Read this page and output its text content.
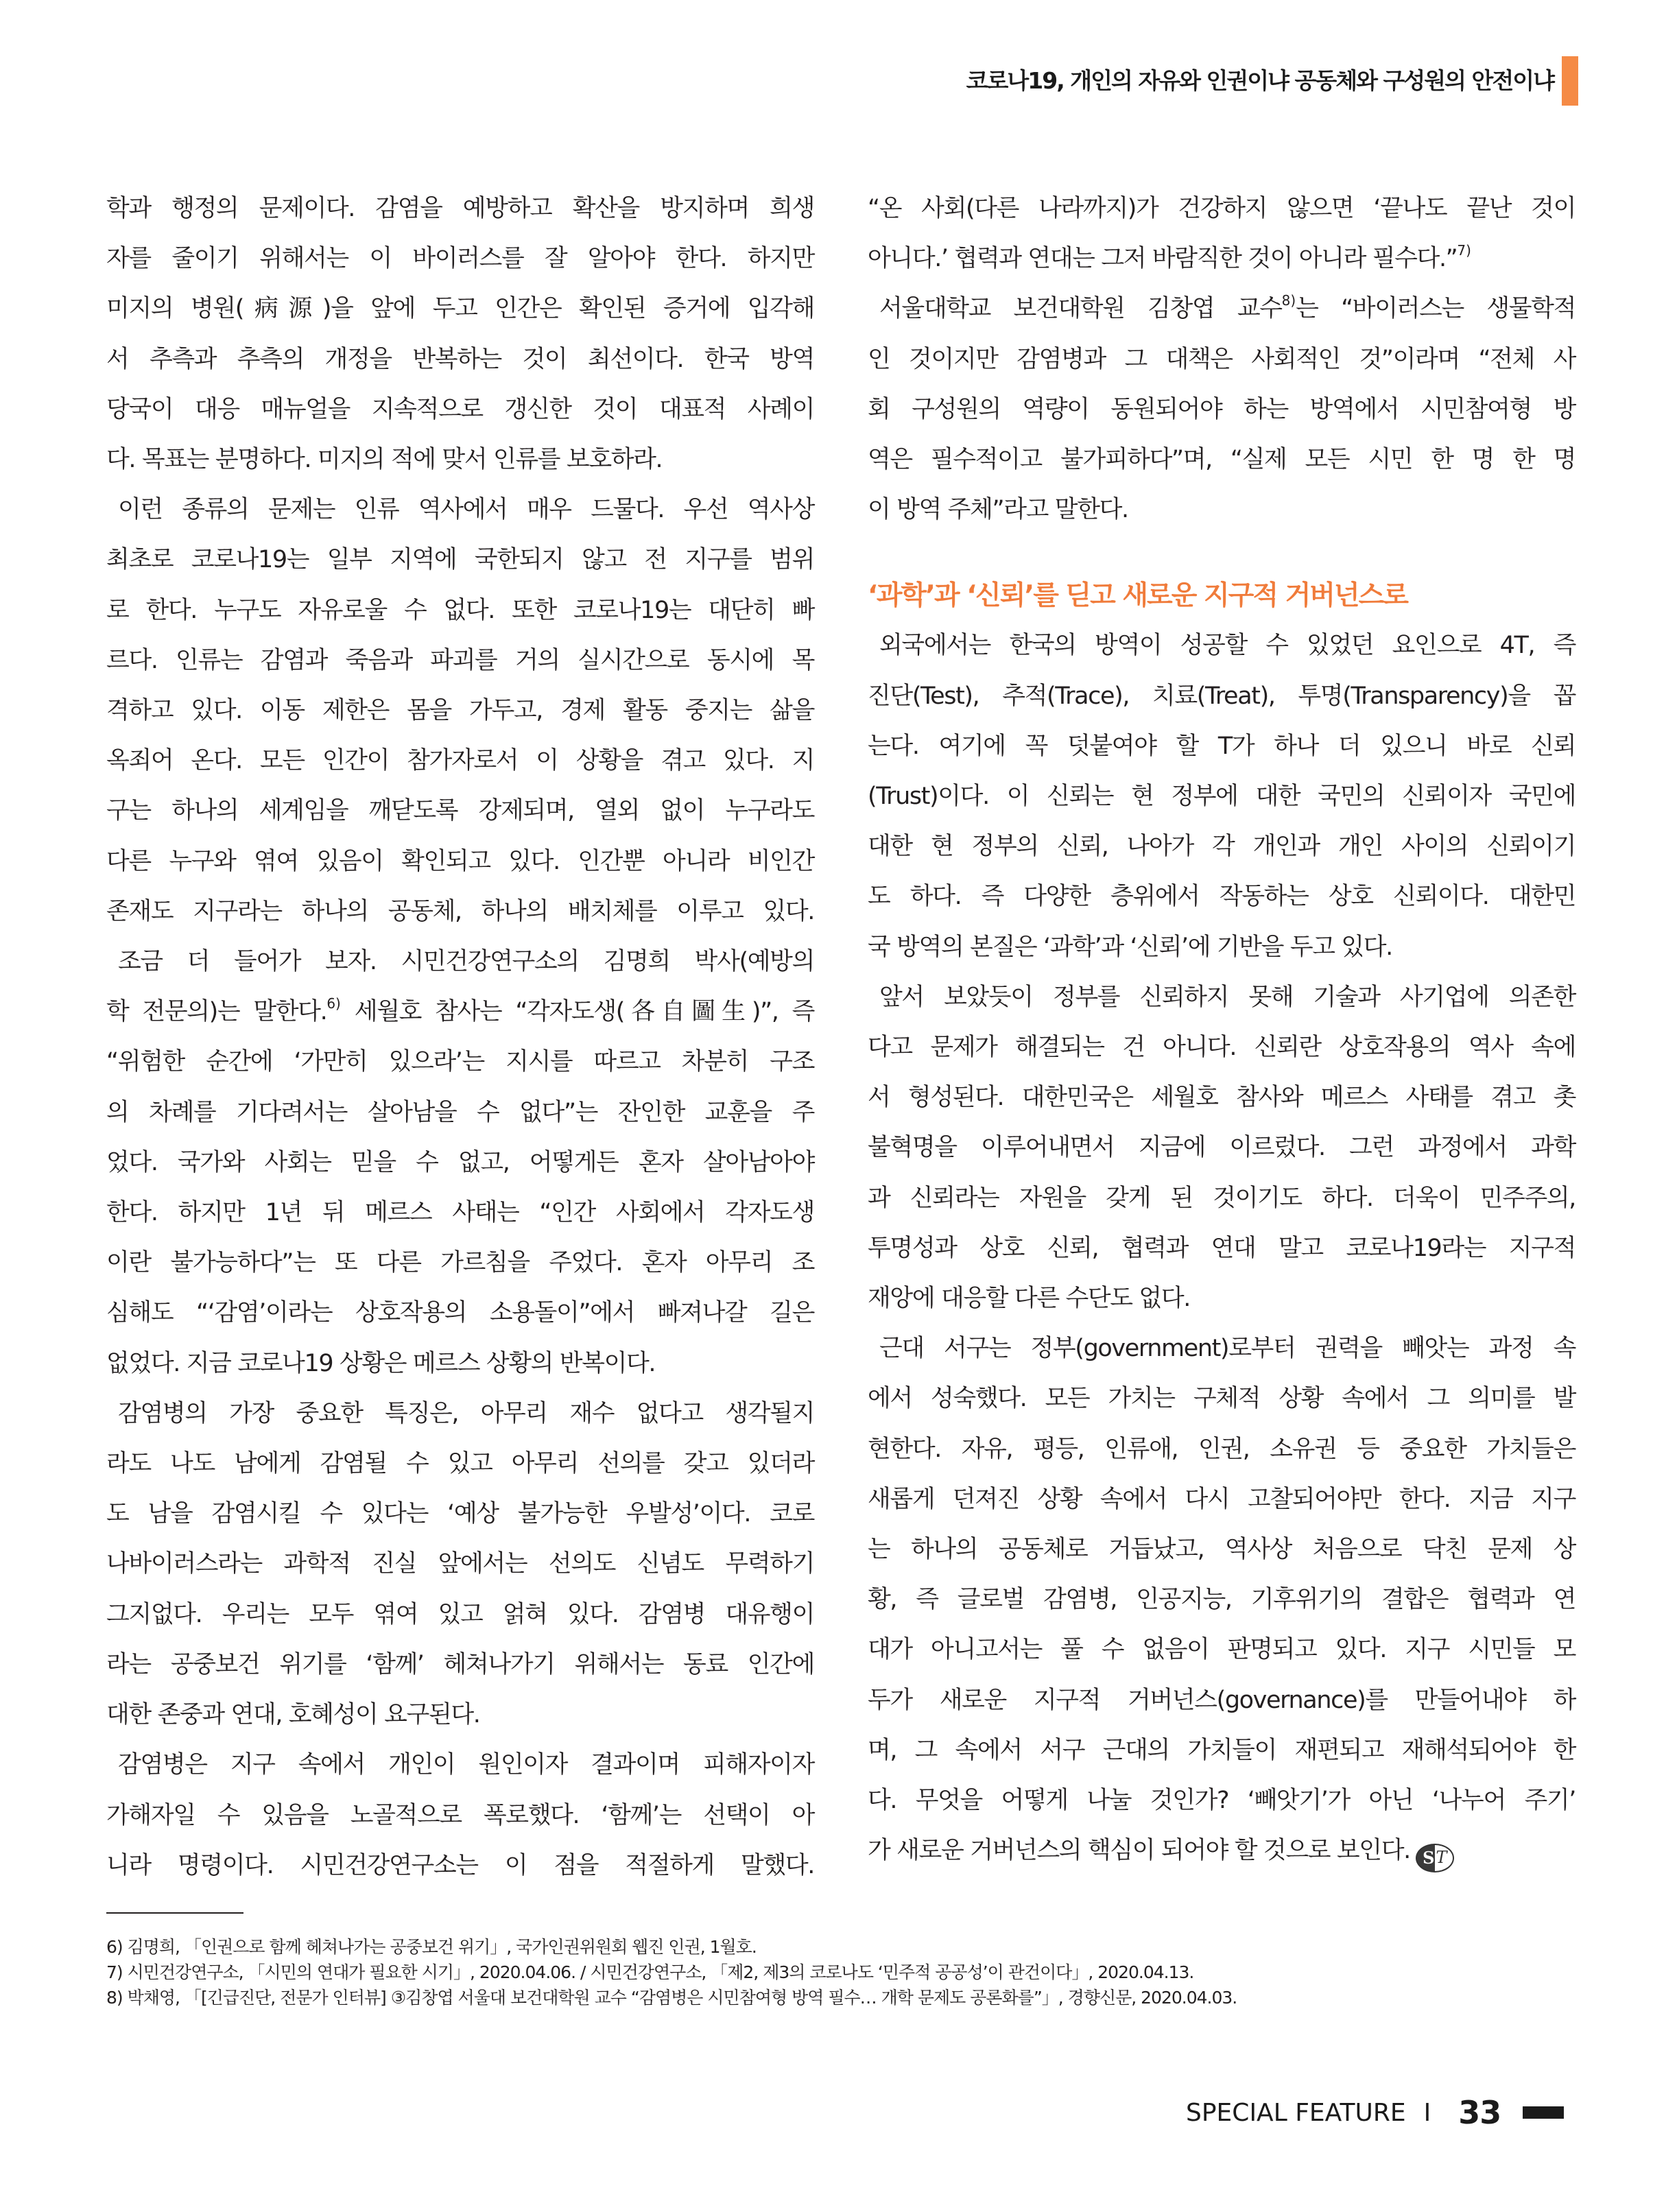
코로나19, 개인의 자유와 인권이냐 공동체와 구성원의 안전이냐

학과 행정의 문제이다. 감염을 예방하고 확산을 방지하며 희생
자를 줄이기 위해서는 이 바이러스를 잘 알아야 한다. 하지만
미지의 병원(病源)을 앞에 두고 인간은 확인된 증거에 입각해
서 추측과 추측의 개정을 반복하는 것이 최선이다. 한국 방역
당국이 대응 매뉴얼을 지속적으로 갱신한 것이 대표적 사례이
다. 목표는 분명하다. 미지의 적에 맞서 인류를 보호하라.

이런 종류의 문제는 인류 역사에서 매우 드물다. 우선 역사상
최초로 코로나19는 일부 지역에 국한되지 않고 전 지구를 범위
로 한다. 누구도 자유로울 수 없다. 또한 코로나19는 대단히 빠
르다. 인류는 감염과 죽음과 파괴를 거의 실시간으로 동시에 목
격하고 있다. 이동 제한은 몸을 가두고, 경제 활동 중지는 삶을
옥죄어 온다. 모든 인간이 참가자로서 이 상황을 겪고 있다. 지
구는 하나의 세계임을 깨닫도록 강제되며, 열외 없이 누구라도
다른 누구와 엮여 있음이 확인되고 있다. 인간뿐 아니라 비인간
존재도 지구라는 하나의 공동체, 하나의 배치체를 이루고 있다.

조금 더 들어가 보자. 시민건강연구소의 김명희 박사(예방의
학 전문의)는 말한다.$^{6)}$ 세월호 참사는 “각자도생(各自圖生)”, 즉
“위험한 순간에 ‘가만히 있으라’는 지시를 따르고 차분히 구조
의 차례를 기다려서는 살아남을 수 없다”는 잔인한 교훈을 주
었다. 국가와 사회는 믿을 수 없고, 어떻게든 혼자 살아남아야
한다. 하지만 1년 뒤 메르스 사태는 “인간 사회에서 각자도생
이란 불가능하다”는 또 다른 가르침을 주었다. 혼자 아무리 조
심해도 “‘감염’이라는 상호작용의 소용돌이”에서 빠져나갈 길은
없었다. 지금 코로나19 상황은 메르스 상황의 반복이다.

감염병의 가장 중요한 특징은, 아무리 재수 없다고 생각될지
라도 나도 남에게 감염될 수 있고 아무리 선의를 갖고 있더라
도 남을 감염시킬 수 있다는 ‘예상 불가능한 우발성’이다. 코로
나바이러스라는 과학적 진실 앞에서는 선의도 신념도 무력하기
그지없다. 우리는 모두 엮여 있고 얽혀 있다. 감염병 대유행이
라는 공중보건 위기를 ‘함께’ 헤쳐나가기 위해서는 동료 인간에
대한 존중과 연대, 호혜성이 요구된다.

감염병은 지구 속에서 개인이 원인이자 결과이며 피해자이자
가해자일 수 있음을 노골적으로 폭로했다. ‘함께’는 선택이 아
니라 명령이다. 시민건강연구소는 이 점을 적절하게 말했다.

“온 사회(다른 나라까지)가 건강하지 않으면 ‘끝나도 끝난 것이
아니다.’ 협력과 연대는 그저 바람직한 것이 아니라 필수다.”$^{7)}$

서울대학교 보건대학원 김창엽 교수$^{8)}$는 “바이러스는 생물학적
인 것이지만 감염병과 그 대책은 사회적인 것”이라며 “전체 사
회 구성원의 역량이 동원되어야 하는 방역에서 시민참여형 방
역은 필수적이고 불가피하다”며, “실제 모든 시민 한 명 한 명
이 방역 주체”라고 말한다.

‘과학’과 ‘신뢰’를 딛고 새로운 지구적 거버넌스로

외국에서는 한국의 방역이 성공할 수 있었던 요인으로 4T, 즉
진단(Test), 추적(Trace), 치료(Treat), 투명(Transparency)을 꼽
는다. 여기에 꼭 덧붙여야 할 T가 하나 더 있으니 바로 신뢰
(Trust)이다. 이 신뢰는 현 정부에 대한 국민의 신뢰이자 국민에
대한 현 정부의 신뢰, 나아가 각 개인과 개인 사이의 신뢰이기
도 하다. 즉 다양한 층위에서 작동하는 상호 신뢰이다. 대한민
국 방역의 본질은 ‘과학’과 ‘신뢰’에 기반을 두고 있다.

앞서 보았듯이 정부를 신뢰하지 못해 기술과 사기업에 의존한
다고 문제가 해결되는 건 아니다. 신뢰란 상호작용의 역사 속에
서 형성된다. 대한민국은 세월호 참사와 메르스 사태를 겪고 촛
불혁명을 이루어내면서 지금에 이르렀다. 그런 과정에서 과학
과 신뢰라는 자원을 갖게 된 것이기도 하다. 더욱이 민주주의,
투명성과 상호 신뢰, 협력과 연대 말고 코로나19라는 지구적
재앙에 대응할 다른 수단도 없다.

근대 서구는 정부(government)로부터 권력을 빼앗는 과정 속
에서 성숙했다. 모든 가치는 구체적 상황 속에서 그 의미를 발
현한다. 자유, 평등, 인류애, 인권, 소유권 등 중요한 가치들은
새롭게 던져진 상황 속에서 다시 고찰되어야만 한다. 지금 지구
는 하나의 공동체로 거듭났고, 역사상 처음으로 닥친 문제 상
황, 즉 글로벌 감염병, 인공지능, 기후위기의 결합은 협력과 연
대가 아니고서는 풀 수 없음이 판명되고 있다. 지구 시민들 모
두가 새로운 지구적 거버넌스(governance)를 만들어내야 하
며, 그 속에서 서구 근대의 가치들이 재편되고 재해석되어야 한
다. 무엇을 어떻게 나눌 것인가? ‘빼앗기’가 아닌 ‘나누어 주기’
가 새로운 거버넌스의 핵심이 되어야 할 것으로 보인다. S T

6) 김명희, 「인권으로 함께 헤쳐나가는 공중보건 위기」, 국가인권위원회 웹진 인권, 1월호.
7) 시민건강연구소, 「시민의 연대가 필요한 시기」, 2020.04.06. / 시민건강연구소, 「제2, 제3의 코로나도 ‘민주적 공공성’이 관건이다」, 2020.04.13.
8) 박채영, 「[긴급진단, 전문가 인터뷰] ③김창엽 서울대 보건대학원 교수 “감염병은 시민참여형 방역 필수… 개학 문제도 공론화를”」, 경향신문, 2020.04.03.
SPECIAL FEATURE I 33
